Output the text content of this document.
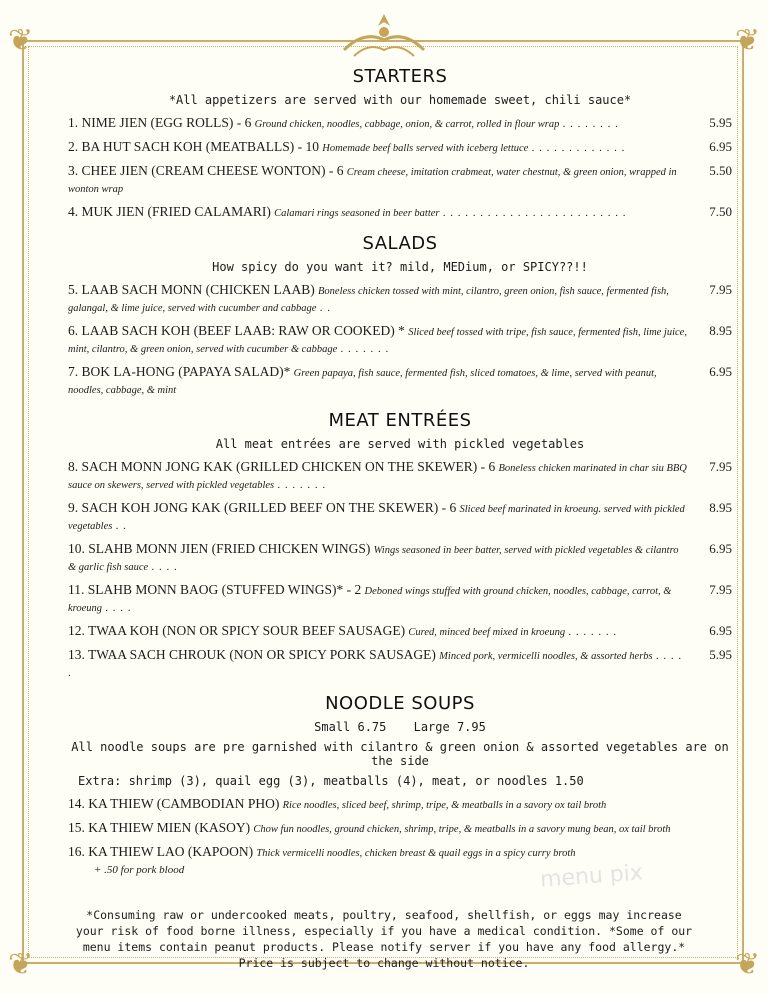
❦	❦
❦	❦
STARTERS
*All appetizers are served with our homemade sweet, chili sauce*
1. NIME JIEN (EGG ROLLS) - 6 Ground chicken, noodles, cabbage, onion, & carrot, rolled in flour wrap . . . . . . . .	5.95
2. BA HUT SACH KOH (MEATBALLS) - 10 Homemade beef balls served with iceberg lettuce . . . . . . . . . . . . .	6.95
3. CHEE JIEN (CREAM CHEESE WONTON) - 6 Cream cheese, imitation crabmeat, water chestnut, & green onion, wrapped in wonton wrap
5.50
4. MUK JIEN (FRIED CALAMARI) Calamari rings seasoned in beer batter . . . . . . . . . . . . . . . . . . . . . . . . .	7.50
SALADS
How spicy do you want it? mild, MEDium, or SPICY??!!
5. LAAB SACH MONN (CHICKEN LAAB) Boneless chicken tossed with mint, cilantro, green onion, fish sauce, fermented fish, galangal, & lime juice, served with cucumber and cabbage . .
7.95
6. LAAB SACH KOH (BEEF LAAB: RAW OR COOKED) * Sliced beef tossed with tripe, fish sauce, fermented fish, lime juice, mint, cilantro, & green onion, served with cucumber & cabbage . . . . . . .
8.95
7. BOK LA-HONG (PAPAYA SALAD)* Green papaya, fish sauce, fermented fish, sliced tomatoes, & lime, served with peanut, noodles, cabbage, & mint
6.95
MEAT ENTRÉES
All meat entrées are served with pickled vegetables
8. SACH MONN JONG KAK (GRILLED CHICKEN ON THE SKEWER) - 6 Boneless chicken marinated in char siu BBQ sauce on skewers, served with pickled vegetables . . . . . . .
7.95
9. SACH KOH JONG KAK (GRILLED BEEF ON THE SKEWER) - 6 Sliced beef marinated in kroeung. served with pickled vegetables . .
8.95
10. SLAHB MONN JIEN (FRIED CHICKEN WINGS) Wings seasoned in beer batter, served with pickled vegetables & cilantro & garlic fish sauce . . . .
6.95
11. SLAHB MONN BAOG (STUFFED WINGS)* - 2 Deboned wings stuffed with ground chicken, noodles, cabbage, carrot, & kroeung . . . .
7.95
12. TWAA KOH (NON OR SPICY SOUR BEEF SAUSAGE) Cured, minced beef mixed in kroeung . . . . . . .	6.95
13. TWAA SACH CHROUK (NON OR SPICY PORK SAUSAGE) Minced pork, vermicelli noodles, & assorted herbs . . . . .
5.95
NOODLE SOUPS
Small 6.75 Large 7.95
All noodle soups are pre garnished with cilantro & green onion & assorted vegetables are on the side
Extra: shrimp (3), quail egg (3), meatballs (4), meat, or noodles 1.50
14. KA THIEW (CAMBODIAN PHO) Rice noodles, sliced beef, shrimp, tripe, & meatballs in a savory ox tail broth
15. KA THIEW MIEN (KASOY) Chow fun noodles, ground chicken, shrimp, tripe, & meatballs in a savory mung bean, ox tail broth
16. KA THIEW LAO (KAPOON) Thick vermicelli noodles, chicken breast & quail eggs in a spicy curry broth
+ .50 for pork blood	menu pix
*Consuming raw or undercooked meats, poultry, seafood, shellfish, or eggs may increase your risk of food borne illness, especially if you have a medical condition. *Some of our menu items contain peanut products. Please notify server if you have any food allergy.* Price is subject to change without notice.
